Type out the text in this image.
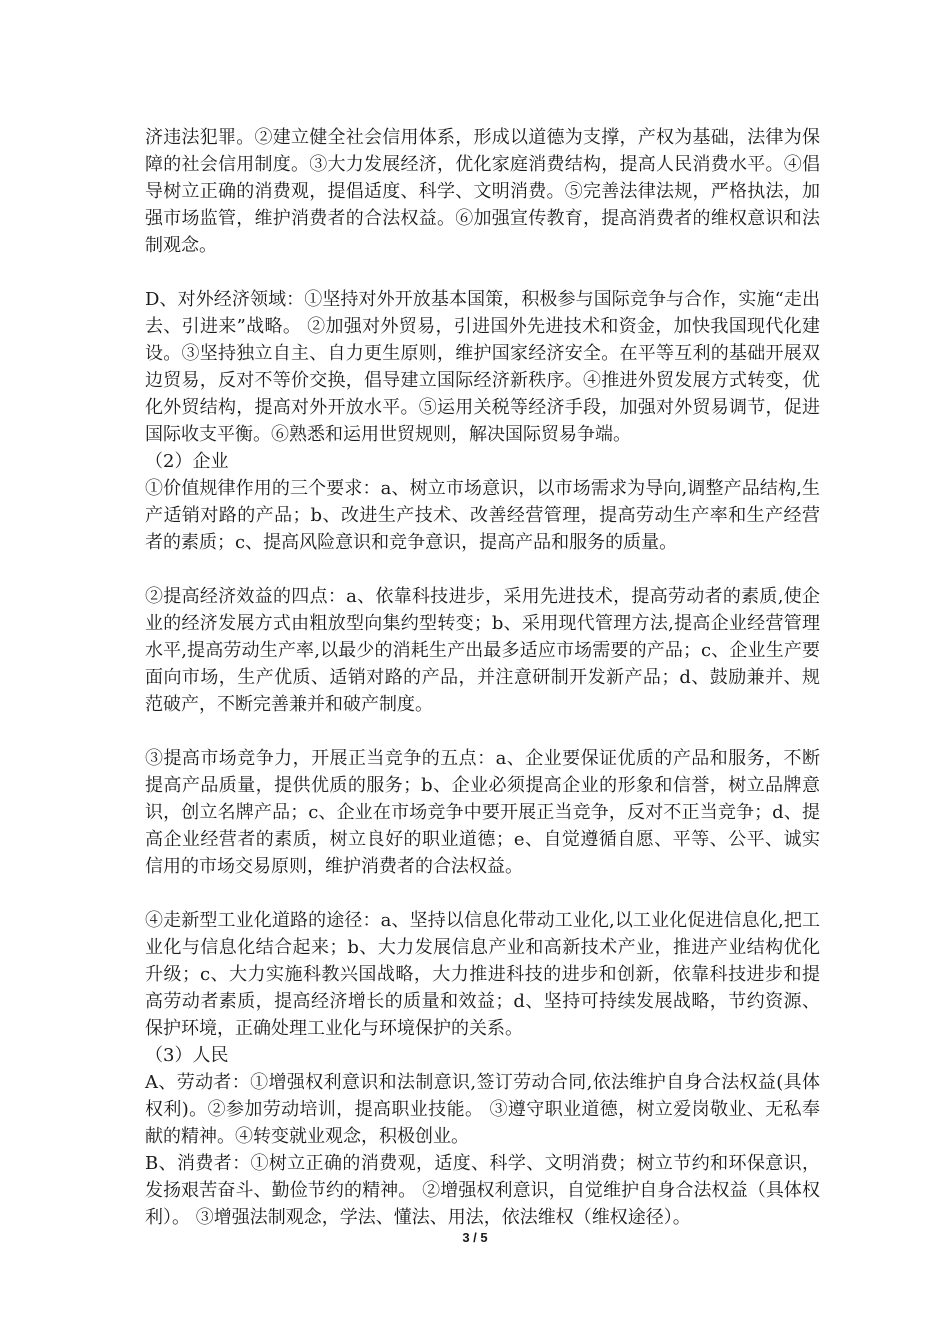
济违法犯罪。②建立健全社会信用体系，形成以道德为支撑，产权为基础，法律为保障的社会信用制度。③大力发展经济，优化家庭消费结构，提高人民消费水平。④倡导树立正确的消费观，提倡适度、科学、文明消费。⑤完善法律法规，严格执法，加强市场监管，维护消费者的合法权益。⑥加强宣传教育，提高消费者的维权意识和法制观念。

D、对外经济领域：①坚持对外开放基本国策，积极参与国际竞争与合作，实施“走出去、引进来”战略。 ②加强对外贸易，引进国外先进技术和资金，加快我国现代化建设。③坚持独立自主、自力更生原则，维护国家经济安全。在平等互利的基础开展双边贸易，反对不等价交换，倡导建立国际经济新秩序。④推进外贸发展方式转变，优化外贸结构，提高对外开放水平。⑤运用关税等经济手段，加强对外贸易调节，促进国际收支平衡。⑥熟悉和运用世贸规则，解决国际贸易争端。

（2）企业

①价值规律作用的三个要求：a、树立市场意识，以市场需求为导向,调整产品结构,生产适销对路的产品；b、改进生产技术、改善经营管理，提高劳动生产率和生产经营者的素质；c、提高风险意识和竞争意识，提高产品和服务的质量。

②提高经济效益的四点：a、依靠科技进步，采用先进技术，提高劳动者的素质,使企业的经济发展方式由粗放型向集约型转变；b、采用现代管理方法,提高企业经营管理水平,提高劳动生产率,以最少的消耗生产出最多适应市场需要的产品；c、企业生产要面向市场，生产优质、适销对路的产品，并注意研制开发新产品；d、鼓励兼并、规范破产，不断完善兼并和破产制度。

③提高市场竞争力，开展正当竞争的五点：a、企业要保证优质的产品和服务，不断提高产品质量，提供优质的服务；b、企业必须提高企业的形象和信誉，树立品牌意识，创立名牌产品；c、企业在市场竞争中要开展正当竞争，反对不正当竞争；d、提高企业经营者的素质，树立良好的职业道德；e、自觉遵循自愿、平等、公平、诚实信用的市场交易原则，维护消费者的合法权益。

④走新型工业化道路的途径：a、坚持以信息化带动工业化,以工业化促进信息化,把工业化与信息化结合起来；b、大力发展信息产业和高新技术产业，推进产业结构优化升级；c、大力实施科教兴国战略，大力推进科技的进步和创新，依靠科技进步和提高劳动者素质，提高经济增长的质量和效益；d、坚持可持续发展战略，节约资源、保护环境，正确处理工业化与环境保护的关系。

（3）人民

A、劳动者：①增强权利意识和法制意识,签订劳动合同,依法维护自身合法权益(具体权利)。②参加劳动培训，提高职业技能。 ③遵守职业道德，树立爱岗敬业、无私奉献的精神。④转变就业观念，积极创业。

B、消费者：①树立正确的消费观，适度、科学、文明消费；树立节约和环保意识，发扬艰苦奋斗、勤俭节约的精神。 ②增强权利意识，自觉维护自身合法权益（具体权利）。 ③增强法制观念，学法、懂法、用法，依法维权（维权途径）。

3 / 5
